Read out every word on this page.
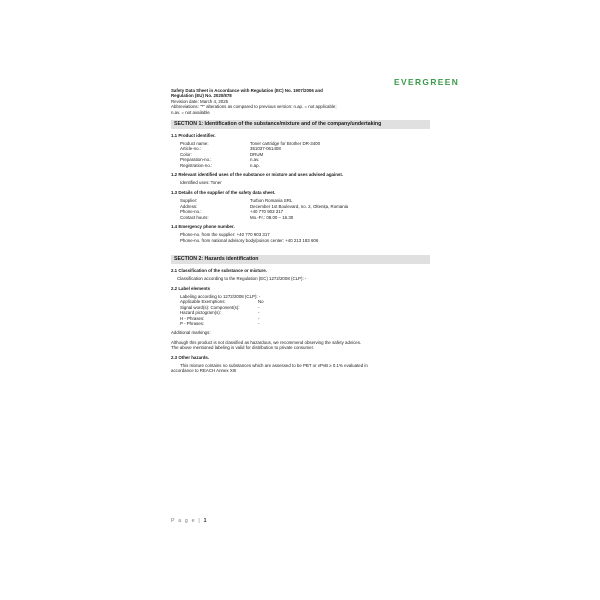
EVERGREEN
Safety Data Sheet in Accordance with Regulation (EC) No. 1907/2006 and
Regulation (EU) No. 2020/878
Revision date: March 4, 2025
Abbreviations: "*" alterations as compared to previous version: n.ap. = not applicable;
n.av. = not available
SECTION 1: Identification of the substance/mixture and of the company/undertaking
1.1 Product identifier.
Product name:	Toner cartridge for Brother DR-3400
Article-no.:	351037-061408
Color:	DRUM
Preparation-no.:	n.av.
Registration-no.:	n.ap.
1.2 Relevant identified uses of the substance or mixture and uses advised against.
Identified uses: Toner
1.3 Details of the supplier of the safety data sheet.
Supplier:	Turbon Romania SRL
Address:	December 1st Boulevard, no. 2, Oltenița, Romania
Phone-no.:	+40 770 903 317
Contact hours:	Mo.-Fr.: 08.00 – 16.30
1.4 Emergency phone number.
Phone-no. from the supplier: +40 770 903 317
Phone-no. from national advisory body/poison center: +40 213 183 606
SECTION 2: Hazards identification
2.1 Classification of the substance or mixture.
Classification according to the Regulation (EC) 1272/2008 (CLP): -
2.2 Label elements
Labeling according to 1272/2008 (CLP): -
Applicable Exemptions:	No
Signal word(s): Component(s):	-
Hazard pictogram(s):	-
H - Phrases:	-
P - Phrases:	-
Additional markings:
Although this product is not classified as hazardous, we recommend observing the safety advices.
The above mentioned labeling is valid for distribution to private consumer.
2.3 Other hazards.
This mixture contains no substances which are assessed to be PBT or vPvB ≥ 0.1% evaluated in
accordance to REACH Annex XIII
P a g e | 1
